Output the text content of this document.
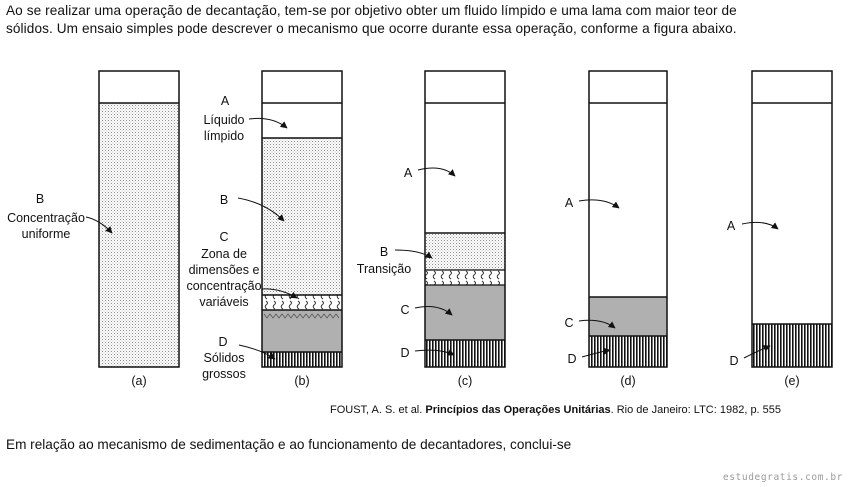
Ao se realizar uma operação de decantação, tem-se por objetivo obter um fluido límpido e uma lama com maior teor de

sólidos. Um ensaio simples pode descrever o mecanismo que ocorre durante essa operação, conforme a figura abaixo.

(a)
B
Concentração
uniforme
(b)
A
Líquido
límpido
B
C
Zona de
dimensões e
concentração
variáveis
D
Sólidos
grossos	(c)
A
B
Transição
C
D
(d)
A
C
D
(e)
A
D
FOUST, A. S. et al. Princípios das Operações Unitárias. Rio de Janeiro: LTC: 1982, p. 555
Em relação ao mecanismo de sedimentação e ao funcionamento de decantadores, conclui-se
estudegratis.com.br
